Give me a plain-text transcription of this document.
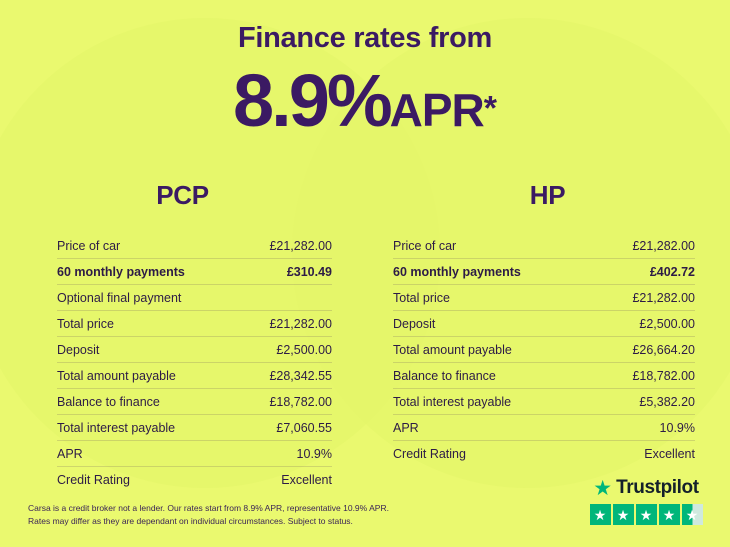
Finance rates from
8.9%APR*
PCP
Price of car	£21,282.00
60 monthly payments	£310.49
Optional final payment
Total price	£21,282.00
Deposit	£2,500.00
Total amount payable	£28,342.55
Balance to finance	£18,782.00
Total interest payable	£7,060.55
APR	10.9%
Credit Rating	Excellent
HP
Price of car	£21,282.00
60 monthly payments	£402.72
Total price	£21,282.00
Deposit	£2,500.00
Total amount payable	£26,664.20
Balance to finance	£18,782.00
Total interest payable	£5,382.20
APR	10.9%
Credit Rating	Excellent
Carsa is a credit broker not a lender. Our rates start from 8.9% APR, representative 10.9% APR.
Rates may differ as they are dependant on individual circumstances. Subject to status.
★ Trustpilot
★ ★ ★ ★ ★
